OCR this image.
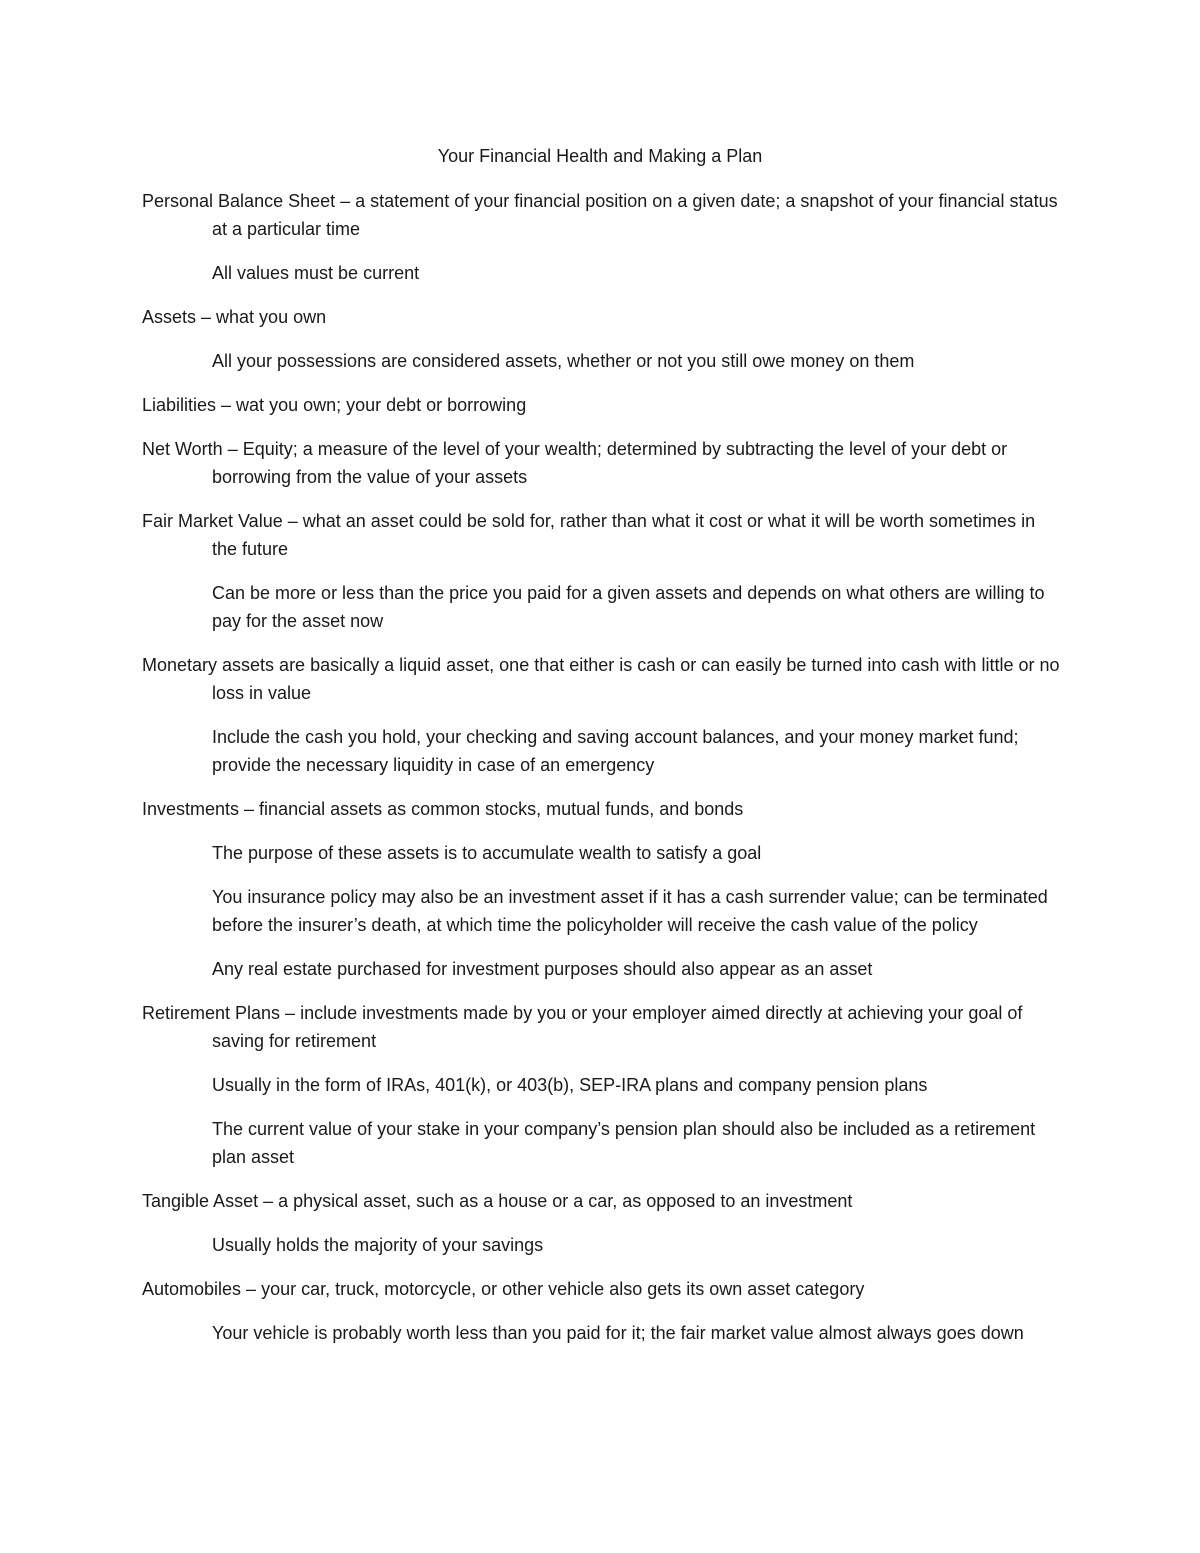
Your Financial Health and Making a Plan

Personal Balance Sheet – a statement of your financial position on a given date; a snapshot of your financial status at a particular time

All values must be current

Assets – what you own

All your possessions are considered assets, whether or not you still owe money on them

Liabilities – wat you own; your debt or borrowing

Net Worth – Equity; a measure of the level of your wealth; determined by subtracting the level of your debt or borrowing from the value of your assets

Fair Market Value – what an asset could be sold for, rather than what it cost or what it will be worth sometimes in the future

Can be more or less than the price you paid for a given assets and depends on what others are willing to pay for the asset now

Monetary assets are basically a liquid asset, one that either is cash or can easily be turned into cash with little or no loss in value

Include the cash you hold, your checking and saving account balances, and your money market fund; provide the necessary liquidity in case of an emergency

Investments – financial assets as common stocks, mutual funds, and bonds

The purpose of these assets is to accumulate wealth to satisfy a goal

You insurance policy may also be an investment asset if it has a cash surrender value; can be terminated before the insurer’s death, at which time the policyholder will receive the cash value of the policy

Any real estate purchased for investment purposes should also appear as an asset

Retirement Plans – include investments made by you or your employer aimed directly at achieving your goal of saving for retirement

Usually in the form of IRAs, 401(k), or 403(b), SEP-IRA plans and company pension plans

The current value of your stake in your company’s pension plan should also be included as a retirement plan asset

Tangible Asset – a physical asset, such as a house or a car, as opposed to an investment

Usually holds the majority of your savings

Automobiles – your car, truck, motorcycle, or other vehicle also gets its own asset category

Your vehicle is probably worth less than you paid for it; the fair market value almost always goes down
